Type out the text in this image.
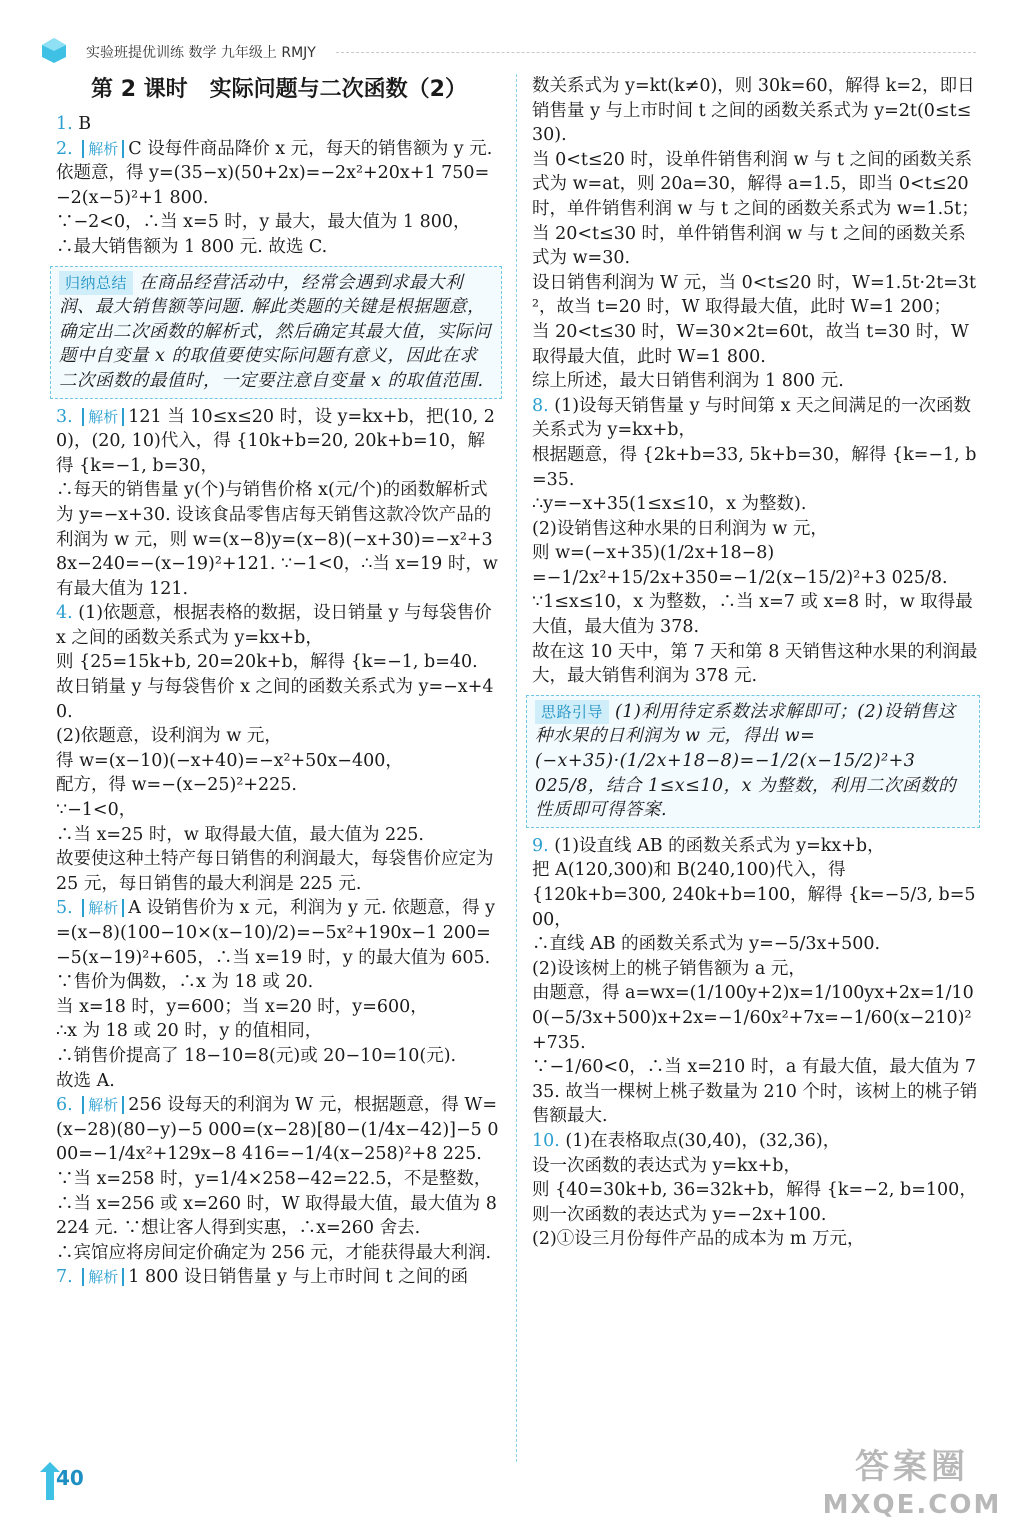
实验班提优训练 数学 九年级上 RMJY
第 2 课时　实际问题与二次函数（2）
1. B
2. 解析 C 设每件商品降价 x 元，每天的销售额为 y 元. 依题意，得 y=(35−x)(50+2x)=−2x²+20x+1 750=−2(x−5)²+1 800.
∵−2<0，∴当 x=5 时，y 最大，最大值为 1 800，
∴最大销售额为 1 800 元. 故选 C.
归纳总结 在商品经营活动中，经常会遇到求最大利润、最大销售额等问题. 解此类题的关键是根据题意，确定出二次函数的解析式，然后确定其最大值，实际问题中自变量 x 的取值要使实际问题有意义，因此在求二次函数的最值时，一定要注意自变量 x 的取值范围.
3. 解析 121 当 10≤x≤20 时，设 y=kx+b，把(10, 20)，(20, 10)代入，得 {10k+b=20, 20k+b=10，解得 {k=−1, b=30，
∴每天的销售量 y(个)与销售价格 x(元/个)的函数解析式为 y=−x+30. 设该食品零售店每天销售这款冷饮产品的利润为 w 元，则 w=(x−8)y=(x−8)(−x+30)=−x²+38x−240=−(x−19)²+121. ∵−1<0，∴当 x=19 时，w 有最大值为 121.
4. (1)依题意，根据表格的数据，设日销量 y 与每袋售价 x 之间的函数关系式为 y=kx+b，
则 {25=15k+b, 20=20k+b，解得 {k=−1, b=40.
故日销量 y 与每袋售价 x 之间的函数关系式为 y=−x+40.
(2)依题意，设利润为 w 元，
得 w=(x−10)(−x+40)=−x²+50x−400，
配方，得 w=−(x−25)²+225.
∵−1<0，
∴当 x=25 时，w 取得最大值，最大值为 225.
故要使这种土特产每日销售的利润最大，每袋售价应定为 25 元，每日销售的最大利润是 225 元.
5. 解析 A 设销售价为 x 元，利润为 y 元. 依题意，得 y=(x−8)(100−10×(x−10)/2)=−5x²+190x−1 200=−5(x−19)²+605，∴当 x=19 时，y 的最大值为 605. ∵售价为偶数，∴x 为 18 或 20.
当 x=18 时，y=600；当 x=20 时，y=600，
∴x 为 18 或 20 时，y 的值相同，
∴销售价提高了 18−10=8(元)或 20−10=10(元).
故选 A.
6. 解析 256 设每天的利润为 W 元，根据题意，得 W=(x−28)(80−y)−5 000=(x−28)[80−(1/4x−42)]−5 000=−1/4x²+129x−8 416=−1/4(x−258)²+8 225.
∵当 x=258 时，y=1/4×258−42=22.5，不是整数，
∴当 x=256 或 x=260 时，W 取得最大值，最大值为 8 224 元. ∵想让客人得到实惠，∴x=260 舍去.
∴宾馆应将房间定价确定为 256 元，才能获得最大利润.
7. 解析 1 800 设日销售量 y 与上市时间 t 之间的函
数关系式为 y=kt(k≠0)，则 30k=60，解得 k=2，即日销售量 y 与上市时间 t 之间的函数关系式为 y=2t(0≤t≤30).
当 0<t≤20 时，设单件销售利润 w 与 t 之间的函数关系式为 w=at，则 20a=30，解得 a=1.5，即当 0<t≤20 时，单件销售利润 w 与 t 之间的函数关系式为 w=1.5t；
当 20<t≤30 时，单件销售利润 w 与 t 之间的函数关系式为 w=30.
设日销售利润为 W 元，当 0<t≤20 时，W=1.5t·2t=3t²，故当 t=20 时，W 取得最大值，此时 W=1 200；
当 20<t≤30 时，W=30×2t=60t，故当 t=30 时，W 取得最大值，此时 W=1 800.
综上所述，最大日销售利润为 1 800 元.
8. (1)设每天销售量 y 与时间第 x 天之间满足的一次函数关系式为 y=kx+b，
根据题意，得 {2k+b=33, 5k+b=30，解得 {k=−1, b=35.
∴y=−x+35(1≤x≤10，x 为整数).
(2)设销售这种水果的日利润为 w 元，
则 w=(−x+35)(1/2x+18−8)
=−1/2x²+15/2x+350=−1/2(x−15/2)²+3 025/8.
∵1≤x≤10，x 为整数，∴当 x=7 或 x=8 时，w 取得最大值，最大值为 378.
故在这 10 天中，第 7 天和第 8 天销售这种水果的利润最大，最大销售利润为 378 元.
思路引导 (1)利用待定系数法求解即可；(2)设销售这种水果的日利润为 w 元，得出 w=(−x+35)·(1/2x+18−8)=−1/2(x−15/2)²+3 025/8，结合 1≤x≤10，x 为整数，利用二次函数的性质即可得答案.
9. (1)设直线 AB 的函数关系式为 y=kx+b，
把 A(120,300)和 B(240,100)代入，得
{120k+b=300, 240k+b=100，解得 {k=−5/3, b=500，
∴直线 AB 的函数关系式为 y=−5/3x+500.
(2)设该树上的桃子销售额为 a 元，
由题意，得 a=wx=(1/100y+2)x=1/100yx+2x=1/100(−5/3x+500)x+2x=−1/60x²+7x=−1/60(x−210)²+735.
∵−1/60<0，∴当 x=210 时，a 有最大值，最大值为 735. 故当一棵树上桃子数量为 210 个时，该树上的桃子销售额最大.
10. (1)在表格取点(30,40)，(32,36)，
设一次函数的表达式为 y=kx+b，
则 {40=30k+b, 36=32k+b，解得 {k=−2, b=100，
则一次函数的表达式为 y=−2x+100.
(2)①设三月份每件产品的成本为 m 万元，
40	答案圈
MXQE.COM
